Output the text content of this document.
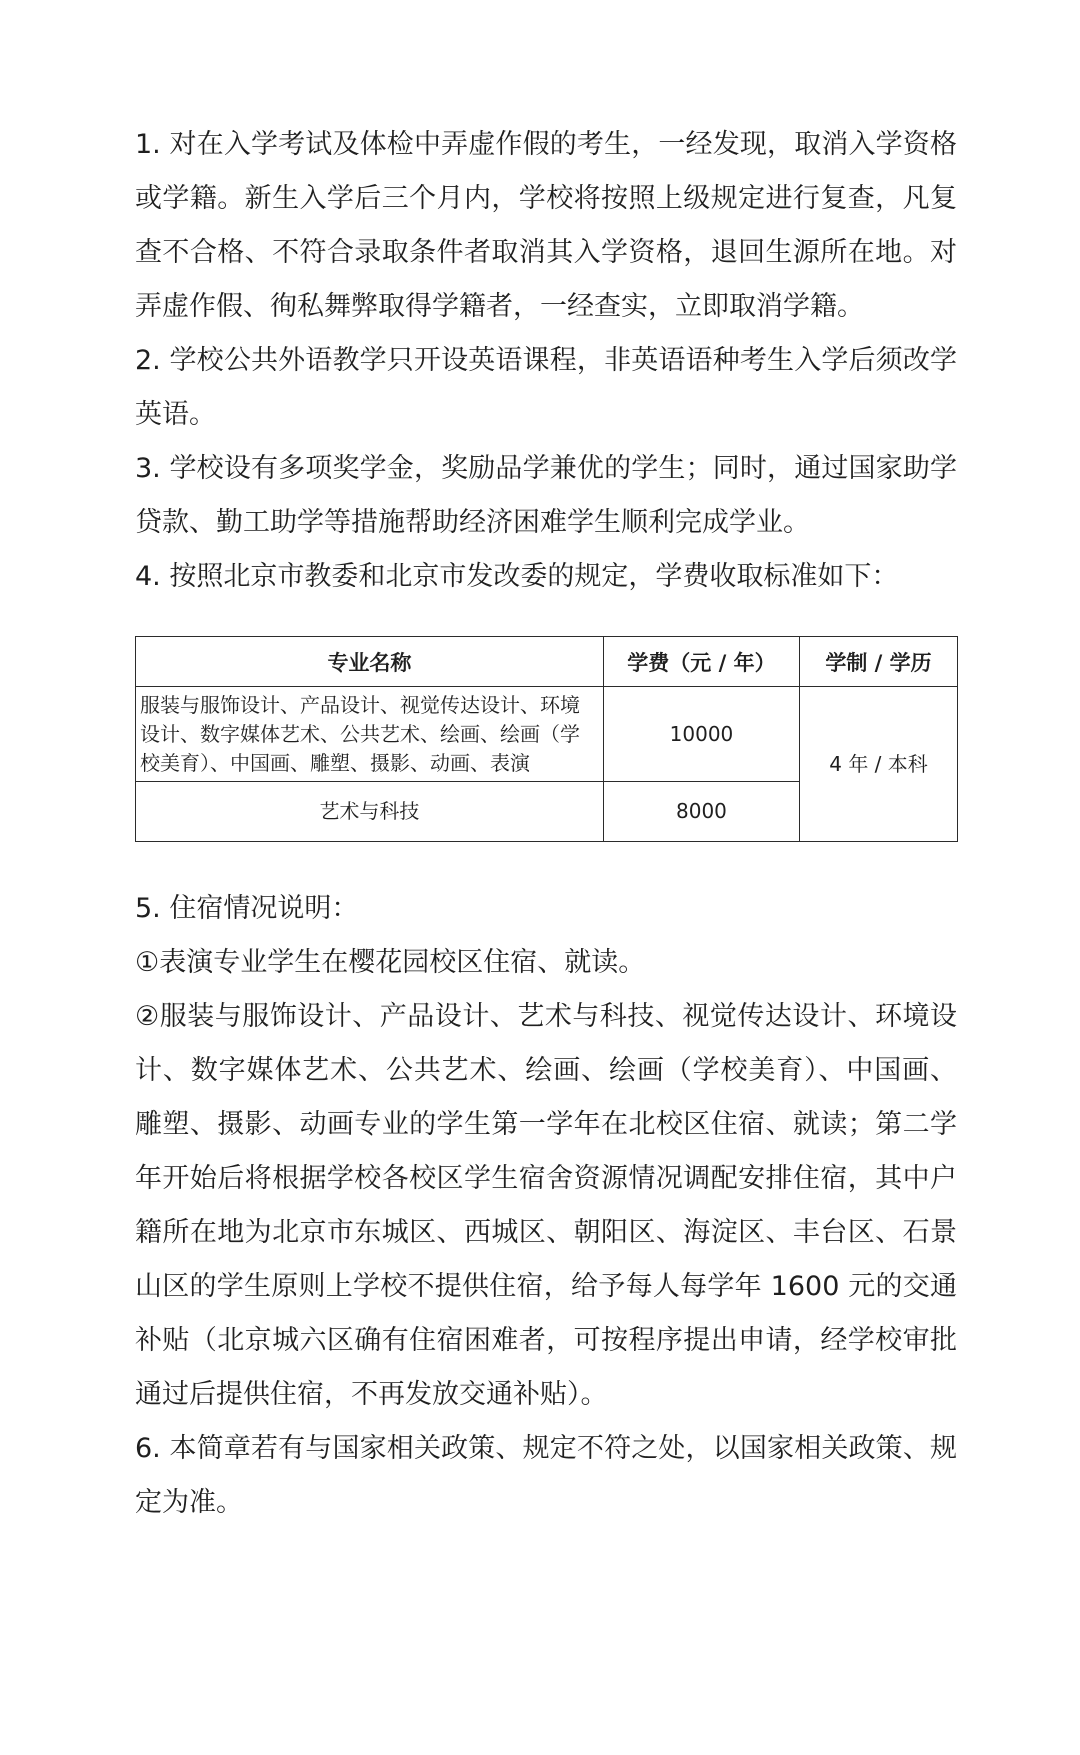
1. 对在入学考试及体检中弄虚作假的考生，一经发现，取消入学资格或学籍。新生入学后三个月内，学校将按照上级规定进行复查，凡复查不合格、不符合录取条件者取消其入学资格，退回生源所在地。对弄虚作假、徇私舞弊取得学籍者，一经查实，立即取消学籍。

2. 学校公共外语教学只开设英语课程，非英语语种考生入学后须改学英语。

3. 学校设有多项奖学金，奖励品学兼优的学生；同时，通过国家助学贷款、勤工助学等措施帮助经济困难学生顺利完成学业。

4. 按照北京市教委和北京市发改委的规定，学费收取标准如下：

专业名称	学费（元 / 年）	学制 / 学历
服装与服饰设计、产品设计、视觉传达设计、环境设计、数字媒体艺术、公共艺术、绘画、绘画（学校美育）、中国画、雕塑、摄影、动画、表演	10000	4 年 / 本科
艺术与科技	8000	

5. 住宿情况说明：

①表演专业学生在樱花园校区住宿、就读。

②服装与服饰设计、产品设计、艺术与科技、视觉传达设计、环境设计、数字媒体艺术、公共艺术、绘画、绘画（学校美育）、中国画、雕塑、摄影、动画专业的学生第一学年在北校区住宿、就读；第二学年开始后将根据学校各校区学生宿舍资源情况调配安排住宿，其中户籍所在地为北京市东城区、西城区、朝阳区、海淀区、丰台区、石景山区的学生原则上学校不提供住宿，给予每人每学年 1600 元的交通补贴（北京城六区确有住宿困难者，可按程序提出申请，经学校审批通过后提供住宿，不再发放交通补贴）。

6. 本简章若有与国家相关政策、规定不符之处，以国家相关政策、规定为准。
